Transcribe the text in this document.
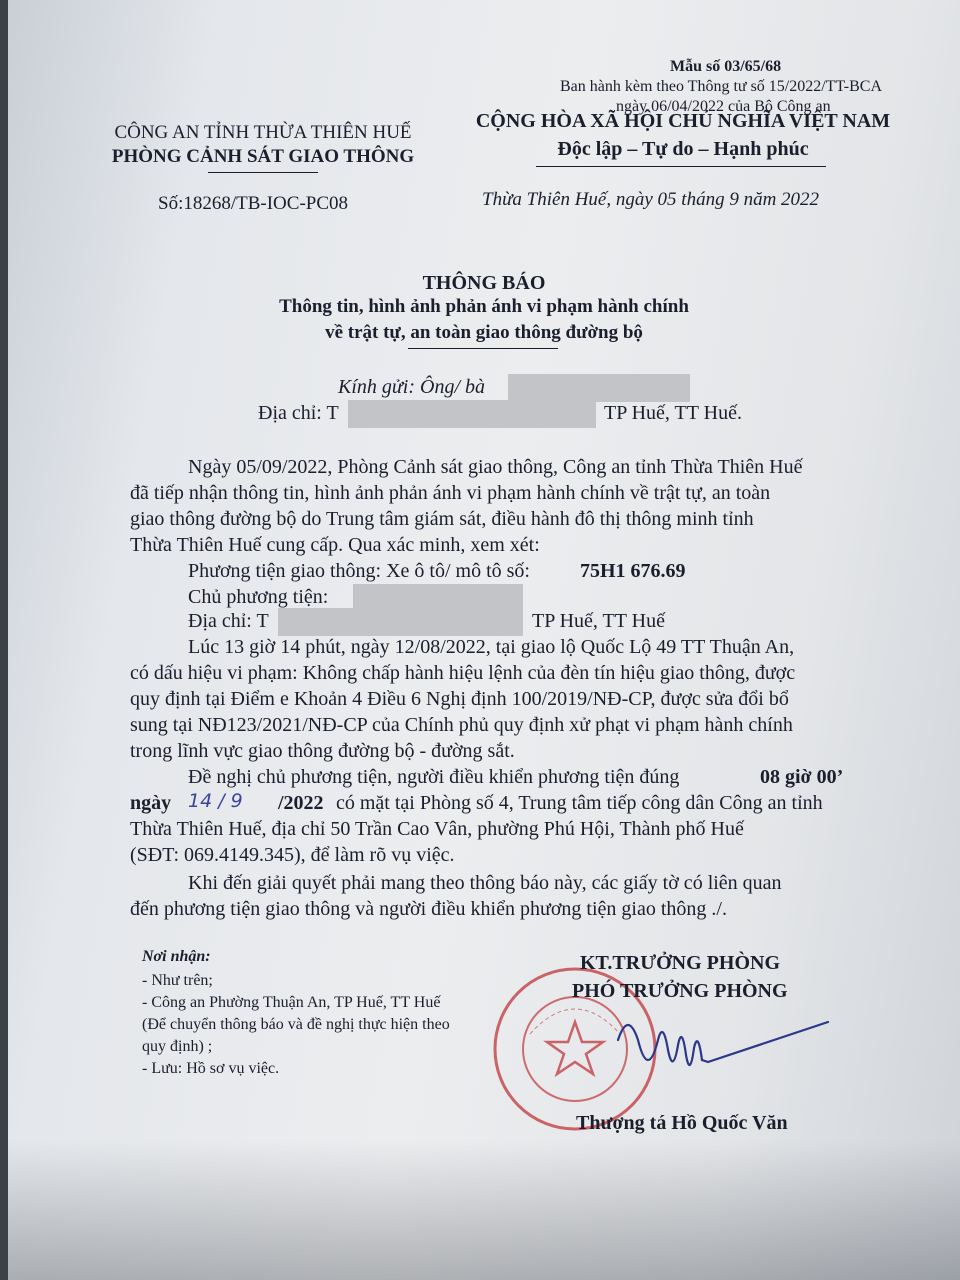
Mẫu số 03/65/68
Ban hành kèm theo Thông tư số 15/2022/TT-BCA
ngày 06/04/2022 của Bộ Công an
CÔNG AN TỈNH THỪA THIÊN HUẾ
PHÒNG CẢNH SÁT GIAO THÔNG
Số:18268/TB-IOC-PC08
CỘNG HÒA XÃ HỘI CHỦ NGHĨA VIỆT NAM
Độc lập – Tự do – Hạnh phúc
Thừa Thiên Huế, ngày 05 tháng 9 năm 2022
THÔNG BÁO
Thông tin, hình ảnh phản ánh vi phạm hành chính
về trật tự, an toàn giao thông đường bộ
Kính gửi: Ông/ bà
Địa chỉ: T	TP Huế, TT Huế.
Ngày 05/09/2022, Phòng Cảnh sát giao thông, Công an tỉnh Thừa Thiên Huế
đã tiếp nhận thông tin, hình ảnh phản ánh vi phạm hành chính về trật tự, an toàn
giao thông đường bộ do Trung tâm giám sát, điều hành đô thị thông minh tỉnh
Thừa Thiên Huế cung cấp. Qua xác minh, xem xét:
Phương tiện giao thông: Xe ô tô/ mô tô số:	75H1 676.69
Chủ phương tiện:
Địa chỉ: T	TP Huế, TT Huế
Lúc 13 giờ 14 phút, ngày 12/08/2022, tại giao lộ Quốc Lộ 49 TT Thuận An,
có dấu hiệu vi phạm: Không chấp hành hiệu lệnh của đèn tín hiệu giao thông, được
quy định tại Điểm e Khoản 4 Điều 6 Nghị định 100/2019/NĐ-CP, được sửa đổi bổ
sung tại NĐ123/2021/NĐ-CP của Chính phủ quy định xử phạt vi phạm hành chính
trong lĩnh vực giao thông đường bộ - đường sắt.
Đề nghị chủ phương tiện, người điều khiển phương tiện đúng	08 giờ 00’
ngày 14 / 9 /2022 có mặt tại Phòng số 4, Trung tâm tiếp công dân Công an tỉnh
Thừa Thiên Huế, địa chỉ 50 Trần Cao Vân, phường Phú Hội, Thành phố Huế
(SĐT: 069.4149.345), để làm rõ vụ việc.
Khi đến giải quyết phải mang theo thông báo này, các giấy tờ có liên quan
đến phương tiện giao thông và người điều khiển phương tiện giao thông ./.
Nơi nhận:
- Như trên;
- Công an Phường Thuận An, TP Huế, TT Huế
(Để chuyển thông báo và đề nghị thực hiện theo
quy định) ;
- Lưu: Hồ sơ vụ việc.
KT.TRƯỞNG PHÒNG
PHÓ TRƯỞNG PHÒNG
Thượng tá Hồ Quốc Văn
